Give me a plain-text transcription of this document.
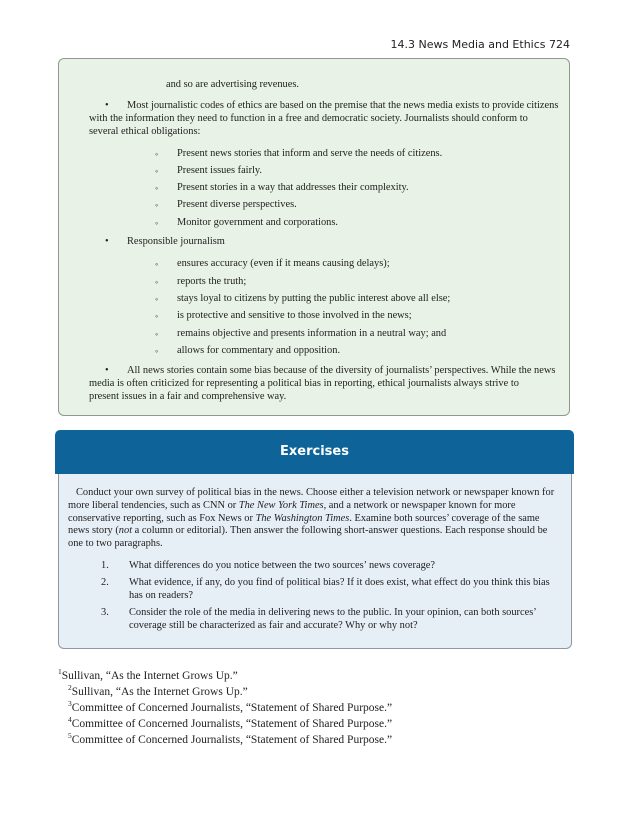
14.3 News Media and Ethics 724
and so are advertising revenues.
• Most journalistic codes of ethics are based on the premise that the news media exists to provide citizens
with the information they need to function in a free and democratic society. Journalists should conform to
several ethical obligations:
◦ Present news stories that inform and serve the needs of citizens.
◦ Present issues fairly.
◦ Present stories in a way that addresses their complexity.
◦ Present diverse perspectives.
◦ Monitor government and corporations.
• Responsible journalism
◦ ensures accuracy (even if it means causing delays);
◦ reports the truth;
◦ stays loyal to citizens by putting the public interest above all else;
◦ is protective and sensitive to those involved in the news;
◦ remains objective and presents information in a neutral way; and
◦ allows for commentary and opposition.
• All news stories contain some bias because of the diversity of journalists’ perspectives. While the news
media is often criticized for representing a political bias in reporting, ethical journalists always strive to
present issues in a fair and comprehensive way.
Exercises
Conduct your own survey of political bias in the news. Choose either a television network or newspaper known for more liberal tendencies, such as CNN or The New York Times, and a network or newspaper known for more conservative reporting, such as Fox News or The Washington Times. Examine both sources’ coverage of the same news story (not a column or editorial). Then answer the following short-answer questions. Each response should be one to two paragraphs.
1.	What differences do you notice between the two sources’ news coverage?
2.	What evidence, if any, do you find of political bias? If it does exist, what effect do you think this bias has on readers?
3.	Consider the role of the media in delivering news to the public. In your opinion, can both sources’ coverage still be characterized as fair and accurate? Why or why not?
$^1$Sullivan, “As the Internet Grows Up.”
$^2$Sullivan, “As the Internet Grows Up.”
$^3$Committee of Concerned Journalists, “Statement of Shared Purpose.”
$^4$Committee of Concerned Journalists, “Statement of Shared Purpose.”
$^5$Committee of Concerned Journalists, “Statement of Shared Purpose.”
